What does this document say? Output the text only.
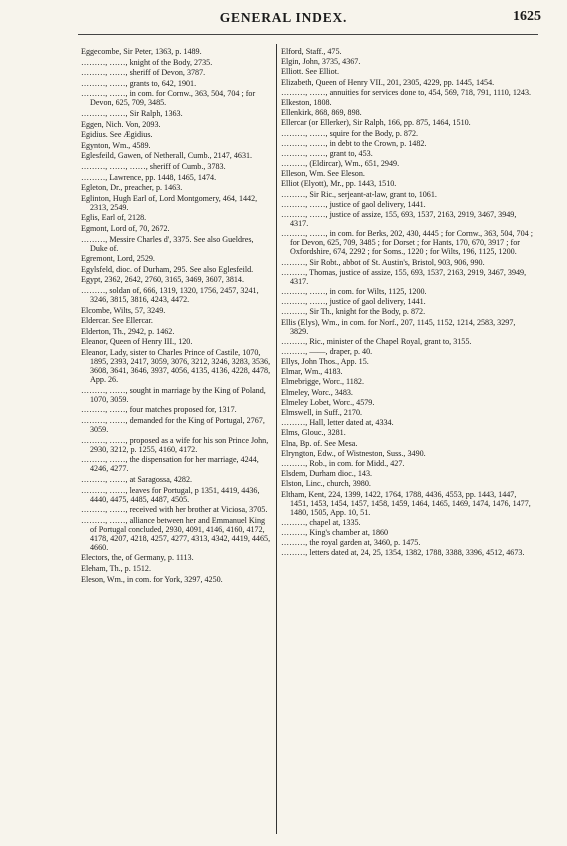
GENERAL INDEX.	1625
Eggecombe, Sir Peter, 1363, p. 1489.
………, ……, knight of the Body, 2735.
………, ……, sheriff of Devon, 3787.
………, ……, grants to, 642, 1901.
………, ……, in com. for Cornw., 363, 504, 704 ; for Devon, 625, 709, 3485.
………, ……, Sir Ralph, 1363.
Eggen, Nich. Von, 2093.
Egidius. See Ægidius.
Egynton, Wm., 4589.
Eglesfeild, Gawen, of Netherall, Cumb., 2147, 4631.
………, ……, ……, sheriff of Cumb., 3783.
………, Lawrence, pp. 1448, 1465, 1474.
Egleton, Dr., preacher, p. 1463.
Eglinton, Hugh Earl of, Lord Montgomery, 464, 1442, 2313, 2549.
Eglis, Earl of, 2128.
Egmont, Lord of, 70, 2672.
………, Messire Charles d', 3375. See also Gueldres, Duke of.
Egremont, Lord, 2529.
Egylsfeld, dioc. of Durham, 295. See also Eglesfeild.
Egypt, 2362, 2642, 2760, 3165, 3469, 3607, 3814.
………, soldan of, 666, 1319, 1320, 1756, 2457, 3241, 3246, 3815, 3816, 4243, 4472.
Elcombe, Wilts, 57, 3249.
Eldercar. See Ellercar.
Elderton, Th., 2942, p. 1462.
Eleanor, Queen of Henry III., 120.
Eleanor, Lady, sister to Charles Prince of Castile, 1070, 1895, 2393, 2417, 3059, 3076, 3212, 3246, 3283, 3536, 3608, 3641, 3646, 3937, 4056, 4135, 4136, 4228, 4478, App. 26.
………, ……, sought in marriage by the King of Poland, 1070, 3059.
………, ……, four matches proposed for, 1317.
………, ……, demanded for the King of Portugal, 2767, 3059.
………, ……, proposed as a wife for his son Prince John, 2930, 3212, p. 1255, 4160, 4172.
………, ……, the dispensation for her marriage, 4244, 4246, 4277.
………, ……, at Saragossa, 4282.
………, ……, leaves for Portugal, p 1351, 4419, 4436, 4440, 4475, 4485, 4487, 4505.
………, ……, received with her brother at Viciosa, 3705.
………, ……, alliance between her and Emmanuel King of Portugal concluded, 2930, 4091, 4146, 4160, 4172, 4178, 4207, 4218, 4257, 4277, 4313, 4342, 4419, 4465, 4660.
Electors, the, of Germany, p. 1113.
Eleham, Th., p. 1512.
Eleson, Wm., in com. for York, 3297, 4250.
Elford, Staff., 475.
Elgin, John, 3735, 4367.
Elliott. See Elliot.
Elizabeth, Queen of Henry VII., 201, 2305, 4229, pp. 1445, 1454.
………, ……, annuities for services done to, 454, 569, 718, 791, 1110, 1243.
Elkeston, 1808.
Ellenkirk, 868, 869, 898.
Ellercar (or Ellerker), Sir Ralph, 166, pp. 875, 1464, 1510.
………, ……, squire for the Body, p. 872.
………, ……, in debt to the Crown, p. 1482.
………, ……, grant to, 453.
………, (Eldircar), Wm., 651, 2949.
Elleson, Wm. See Eleson.
Elliot (Elyott), Mr., pp. 1443, 1510.
………, Sir Ric., serjeant-at-law, grant to, 1061.
………, ……, justice of gaol delivery, 1441.
………, ……, justice of assize, 155, 693, 1537, 2163, 2919, 3467, 3949, 4317.
………, ……, in com. for Berks, 202, 430, 4445 ; for Cornw., 363, 504, 704 ; for Devon, 625, 709, 3485 ; for Dorset ; for Hants, 170, 670, 3917 ; for Oxfordshire, 674, 2292 ; for Soms., 1220 ; for Wilts, 196, 1125, 1200.
………, Sir Robt., abbot of St. Austin's, Bristol, 903, 906, 990.
………, Thomas, justice of assize, 155, 693, 1537, 2163, 2919, 3467, 3949, 4317.
………, ……, in com. for Wilts, 1125, 1200.
………, ……, justice of gaol delivery, 1441.
………, Sir Th., knight for the Body, p. 872.
Ellis (Elys), Wm., in com. for Norf., 207, 1145, 1152, 1214, 2583, 3297, 3829.
………, Ric., minister of the Chapel Royal, grant to, 3155.
………, ——, draper, p. 40.
Ellys, John Thos., App. 15.
Elmar, Wm., 4183.
Elmebrigge, Worc., 1182.
Elmeley, Worc., 3483.
Elmeley Lobet, Worc., 4579.
Elmswell, in Suff., 2170.
………, Hall, letter dated at, 4334.
Elms, Glouc., 3281.
Elna, Bp. of. See Mesa.
Elryngton, Edw., of Wistneston, Suss., 3490.
………, Rob., in com. for Midd., 427.
Elsdem, Durham dioc., 143.
Elston, Linc., church, 3980.
Eltham, Kent, 224, 1399, 1422, 1764, 1788, 4436, 4553, pp. 1443, 1447, 1451, 1453, 1454, 1457, 1458, 1459, 1464, 1465, 1469, 1474, 1476, 1477, 1480, 1505, App. 10, 51.
………, chapel at, 1335.
………, King's chamber at, 1860
………, the royal garden at, 3460, p. 1475.
………, letters dated at, 24, 25, 1354, 1382, 1788, 3388, 3396, 4512, 4673.
